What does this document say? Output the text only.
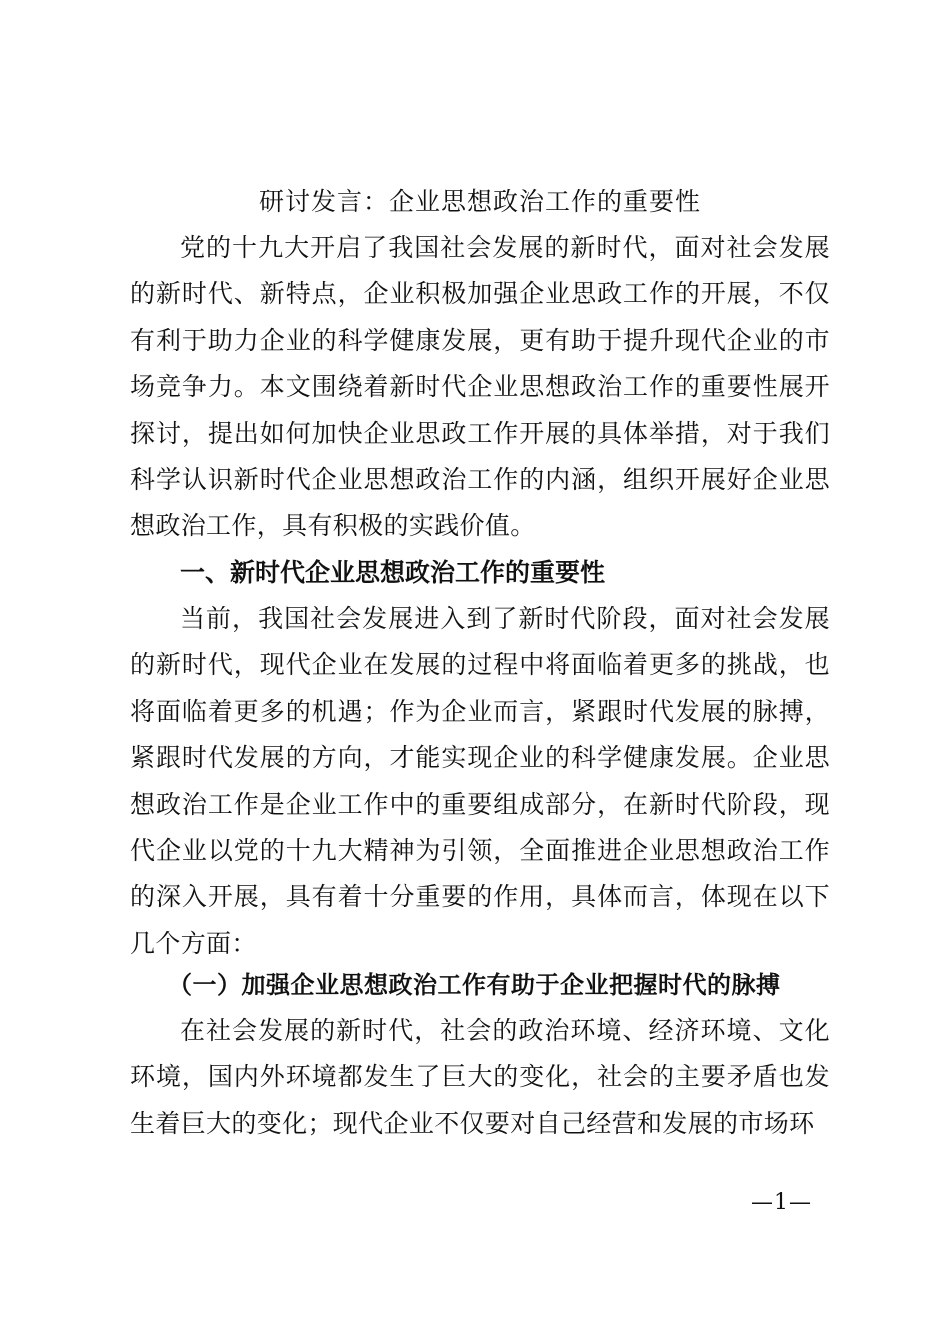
研讨发言：企业思想政治工作的重要性

党的十九大开启了我国社会发展的新时代，面对社会发展的新时代、新特点，企业积极加强企业思政工作的开展，不仅有利于助力企业的科学健康发展，更有助于提升现代企业的市场竞争力。本文围绕着新时代企业思想政治工作的重要性展开探讨，提出如何加快企业思政工作开展的具体举措，对于我们科学认识新时代企业思想政治工作的内涵，组织开展好企业思想政治工作，具有积极的实践价值。

一、新时代企业思想政治工作的重要性

当前，我国社会发展进入到了新时代阶段，面对社会发展的新时代，现代企业在发展的过程中将面临着更多的挑战，也将面临着更多的机遇；作为企业而言，紧跟时代发展的脉搏，紧跟时代发展的方向，才能实现企业的科学健康发展。企业思想政治工作是企业工作中的重要组成部分，在新时代阶段，现代企业以党的十九大精神为引领，全面推进企业思想政治工作的深入开展，具有着十分重要的作用，具体而言，体现在以下几个方面：

（一）加强企业思想政治工作有助于企业把握时代的脉搏

在社会发展的新时代，社会的政治环境、经济环境、文化环境，国内外环境都发生了巨大的变化，社会的主要矛盾也发生着巨大的变化；现代企业不仅要对自己经营和发展的市场环

—1—
